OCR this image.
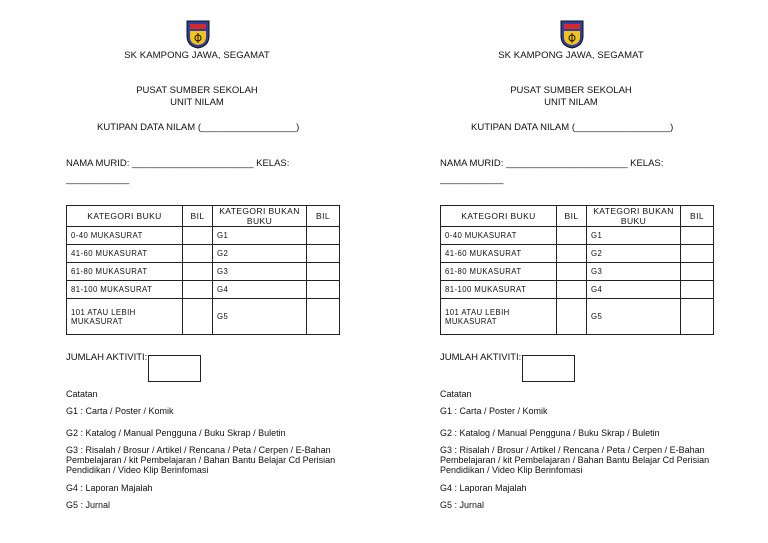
SK KAMPONG JAWA, SEGAMAT
PUSAT SUMBER SEKOLAH
UNIT NILAM
KUTIPAN DATA NILAM (__________________)
NAMA MURID: _______________________ KELAS:
____________
KATEGORI BUKU	BIL	KATEGORI BUKAN BUKU	BIL
0-40 MUKASURAT		G1	
41-60 MUKASURAT		G2	
61-80 MUKASURAT		G3	
81-100 MUKASURAT		G4	
101 ATAU LEBIH MUKASURAT		G5	
JUMLAH AKTIVITI:
Catatan
G1 : Carta / Poster / Komik
G2 : Katalog / Manual Pengguna / Buku Skrap / Buletin
G3 : Risalah / Brosur / Artikel / Rencana / Peta / Cerpen / E-Bahan Pembelajaran / kit Pembelajaran / Bahan Bantu Belajar Cd Perisian Pendidikan / Video Klip Berinfomasi
G4 : Laporan Majalah
G5 : Jurnal
SK KAMPONG JAWA, SEGAMAT
PUSAT SUMBER SEKOLAH
UNIT NILAM
KUTIPAN DATA NILAM (__________________)
NAMA MURID: _______________________ KELAS:
____________
KATEGORI BUKU	BIL	KATEGORI BUKAN BUKU	BIL
0-40 MUKASURAT		G1	
41-60 MUKASURAT		G2	
61-80 MUKASURAT		G3	
81-100 MUKASURAT		G4	
101 ATAU LEBIH MUKASURAT		G5	
JUMLAH AKTIVITI:
Catatan
G1 : Carta / Poster / Komik
G2 : Katalog / Manual Pengguna / Buku Skrap / Buletin
G3 : Risalah / Brosur / Artikel / Rencana / Peta / Cerpen / E-Bahan Pembelajaran / kit Pembelajaran / Bahan Bantu Belajar Cd Perisian Pendidikan / Video Klip Berinfomasi
G4 : Laporan Majalah
G5 : Jurnal
